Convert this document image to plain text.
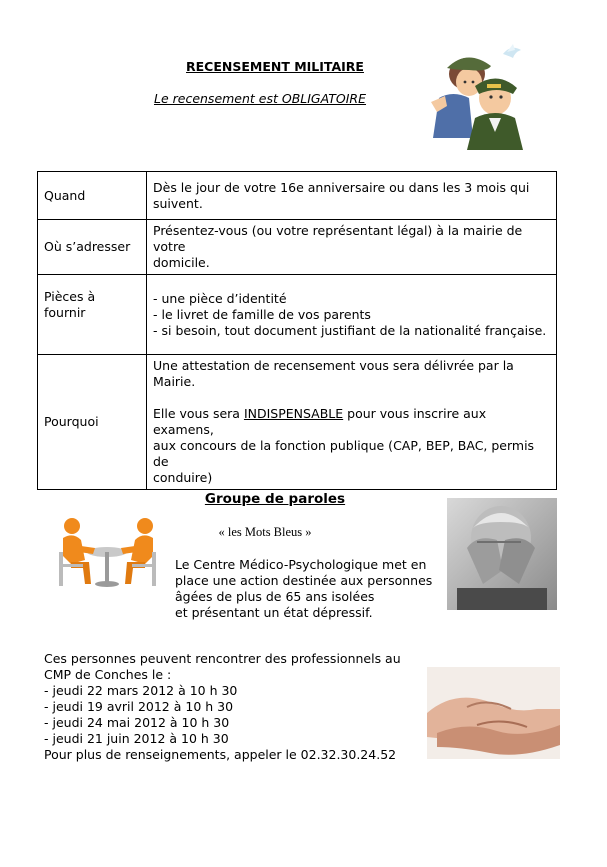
RECENSEMENT MILITAIRE
Le recensement est OBLIGATOIRE
Quand	Dès le jour de votre 16e anniversaire ou dans les 3 mois qui
suivent.

Où s’adresser	Présentez-vous (ou votre représentant légal) à la mairie de votre
domicile.

Pièces à fournir	- une pièce d’identité
- le livret de famille de vos parents
- si besoin, tout document justifiant de la nationalité française.

Pourquoi	Une attestation de recensement vous sera délivrée par la Mairie.
Elle vous sera INDISPENSABLE pour vous inscrire aux examens,
aux concours de la fonction publique (CAP, BEP, BAC, permis de
conduire)
Groupe de paroles
« les Mots Bleus »
Le Centre Médico-Psychologique met en
place une action destinée aux personnes
âgées de plus de 65 ans isolées
et présentant un état dépressif.
Ces personnes peuvent rencontrer des professionnels au
CMP de Conches le :
- jeudi 22 mars 2012 à 10 h 30
- jeudi 19 avril 2012 à 10 h 30
- jeudi 24 mai 2012 à 10 h 30
- jeudi 21 juin 2012 à 10 h 30
Pour plus de renseignements, appeler le 02.32.30.24.52
